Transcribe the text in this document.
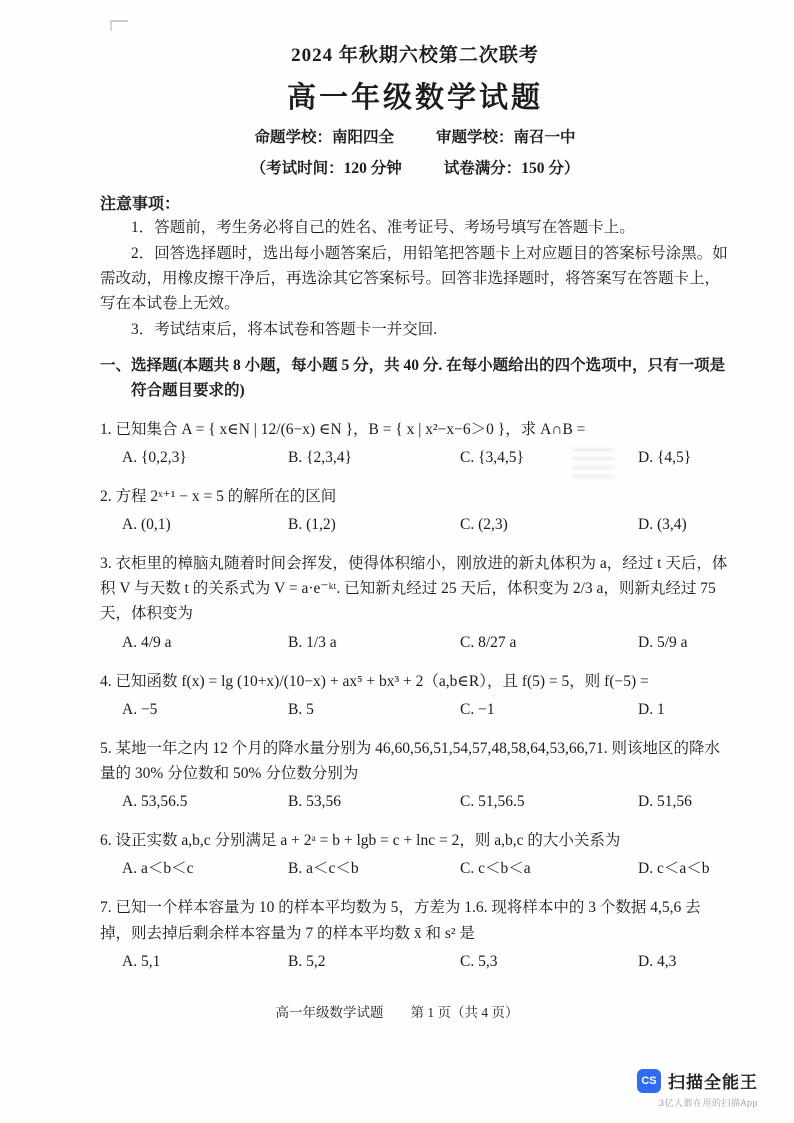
2024 年秋期六校第二次联考
高一年级数学试题
命题学校：南阳四全	审题学校：南召一中
（考试时间：120 分钟	试卷满分：150 分）
注意事项：
1．答题前，考生务必将自己的姓名、准考证号、考场号填写在答题卡上。
2．回答选择题时，选出每小题答案后，用铅笔把答题卡上对应题目的答案标号涂黑。如需改动，用橡皮擦干净后，再选涂其它答案标号。回答非选择题时，将答案写在答题卡上，写在本试卷上无效。
3．考试结束后，将本试卷和答题卡一并交回.
一、选择题(本题共 8 小题，每小题 5 分，共 40 分. 在每小题给出的四个选项中，只有一项是符合题目要求的)
1. 已知集合 A = { x∈N | 12/(6−x) ∈N }，B = { x | x²−x−6＞0 }，求 A∩B =
A. {0,2,3}	B. {2,3,4}	C. {3,4,5}	D. {4,5}
2. 方程 2ˣ⁺¹ − x = 5 的解所在的区间
A. (0,1)	B. (1,2)	C. (2,3)	D. (3,4)
3. 衣柜里的樟脑丸随着时间会挥发，使得体积缩小，刚放进的新丸体积为 a，经过 t 天后，体积 V 与天数 t 的关系式为 V = a·e⁻ᵏᵗ. 已知新丸经过 25 天后，体积变为 2/3 a，则新丸经过 75 天，体积变为
A. 4/9 a	B. 1/3 a	C. 8/27 a	D. 5/9 a
4. 已知函数 f(x) = lg (10+x)/(10−x) + ax⁵ + bx³ + 2（a,b∈R），且 f(5) = 5，则 f(−5) =
A. −5	B. 5	C. −1	D. 1
5. 某地一年之内 12 个月的降水量分别为 46,60,56,51,54,57,48,58,64,53,66,71. 则该地区的降水量的 30% 分位数和 50% 分位数分别为
A. 53,56.5	B. 53,56	C. 51,56.5	D. 51,56
6. 设正实数 a,b,c 分别满足 a + 2ᵃ = b + lgb = c + lnc = 2，则 a,b,c 的大小关系为
A. a＜b＜c	B. a＜c＜b	C. c＜b＜a	D. c＜a＜b
7. 已知一个样本容量为 10 的样本平均数为 5，方差为 1.6. 现将样本中的 3 个数据 4,5,6 去掉，则去掉后剩余样本容量为 7 的样本平均数 x̄ 和 s² 是
A. 5,1	B. 5,2	C. 5,3	D. 4,3
高一年级数学试题　　第 1 页（共 4 页）
CS 扫描全能王
3亿人都在用的扫描App
